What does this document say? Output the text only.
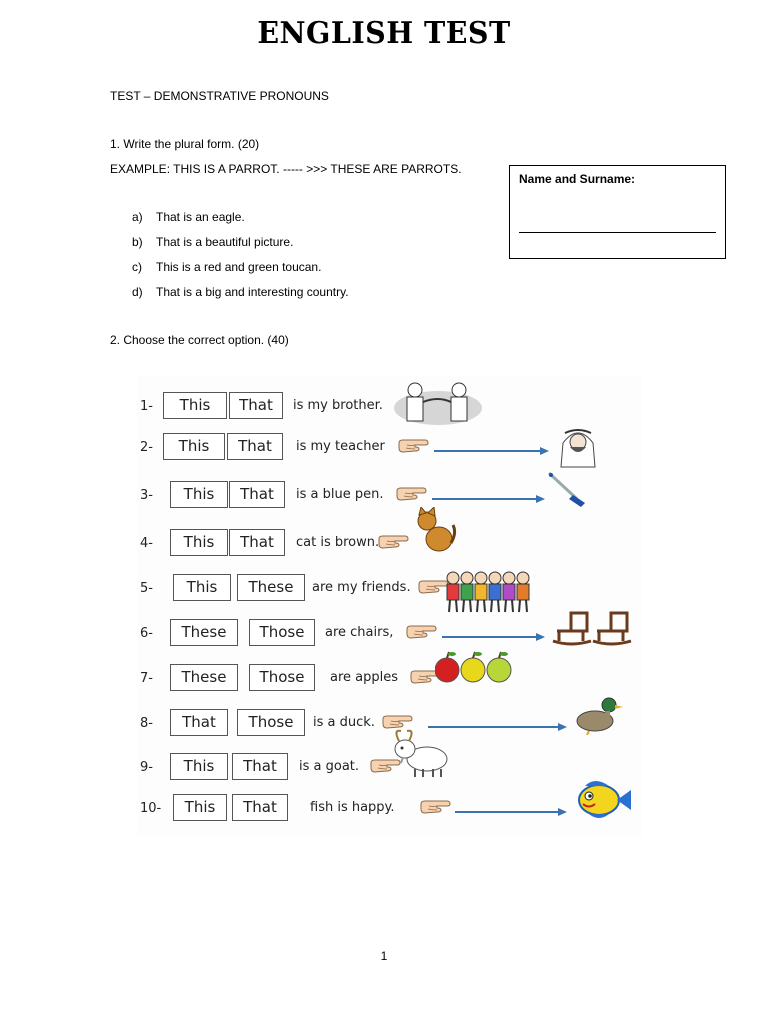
ENGLISH TEST
TEST – DEMONSTRATIVE PRONOUNS
1. Write the plural form. (20)
EXAMPLE: THIS IS A PARROT. ----- >>> THESE ARE PARROTS.
a) That is an eagle.
b) That is a beautiful picture.
c) This is a red and green toucan.
d) That is a big and interesting country.
Name and Surname:
2. Choose the correct option. (40)
1-	This	That	is my brother.
2-	This	That	is my teacher
3-	This	That	is a blue pen.
4-	This	That	cat is brown.
5-	This	These	are my friends.
6-	These	Those	are chairs,
7-	These	Those	are apples
8-	That	Those	is a duck.
9-	This	That	is a goat.
10-	This	That	fish is happy.
1
